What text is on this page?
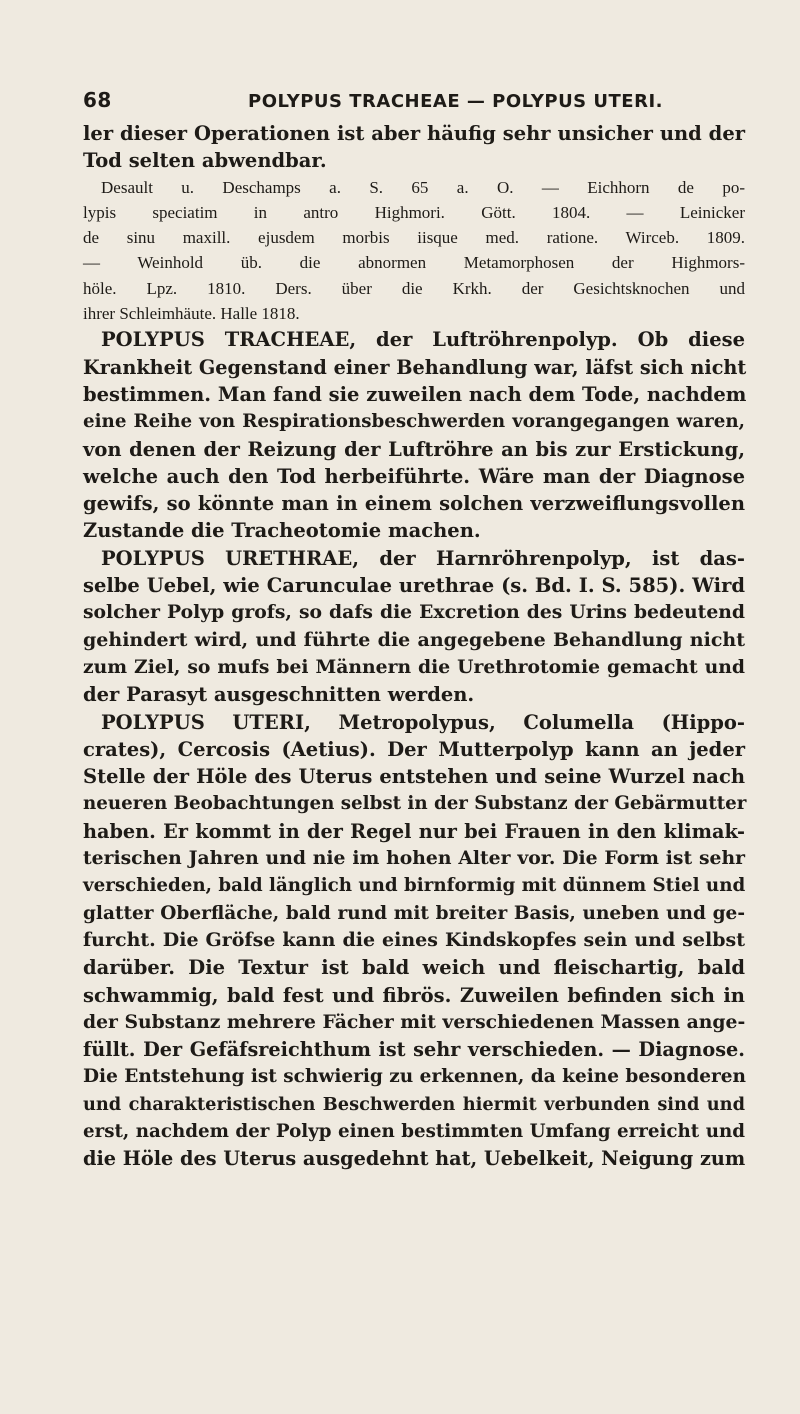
68	POLYPUS TRACHEAE — POLYPUS UTERI.
ler dieser Operationen ist aber häufig sehr unsicher und der
Tod selten abwendbar.
Desault u. Deschamps a. S. 65 a. O. — Eichhorn de po-
lypis speciatim in antro Highmori. Gött. 1804. — Leinicker
de sinu maxill. ejusdem morbis iisque med. ratione. Wirceb. 1809.
— Weinhold üb. die abnormen Metamorphosen der Highmors-
höle. Lpz. 1810. Ders. über die Krkh. der Gesichtsknochen und
ihrer Schleimhäute. Halle 1818.
POLYPUS TRACHEAE, der Luftröhrenpolyp. Ob diese
Krankheit Gegenstand einer Behandlung war, läfst sich nicht
bestimmen. Man fand sie zuweilen nach dem Tode, nachdem
eine Reihe von Respirationsbeschwerden vorangegangen waren,
von denen der Reizung der Luftröhre an bis zur Erstickung,
welche auch den Tod herbeiführte. Wäre man der Diagnose
gewifs, so könnte man in einem solchen verzweiflungsvollen
Zustande die Tracheotomie machen.
POLYPUS URETHRAE, der Harnröhrenpolyp, ist das-
selbe Uebel, wie Carunculae urethrae (s. Bd. I. S. 585). Wird
solcher Polyp grofs, so dafs die Excretion des Urins bedeutend
gehindert wird, und führte die angegebene Behandlung nicht
zum Ziel, so mufs bei Männern die Urethrotomie gemacht und
der Parasyt ausgeschnitten werden.
POLYPUS UTERI, Metropolypus, Columella (Hippo-
crates), Cercosis (Aetius). Der Mutterpolyp kann an jeder
Stelle der Höle des Uterus entstehen und seine Wurzel nach
neueren Beobachtungen selbst in der Substanz der Gebärmutter
haben. Er kommt in der Regel nur bei Frauen in den klimak-
terischen Jahren und nie im hohen Alter vor. Die Form ist sehr
verschieden, bald länglich und birnformig mit dünnem Stiel und
glatter Oberfläche, bald rund mit breiter Basis, uneben und ge-
furcht. Die Gröfse kann die eines Kindskopfes sein und selbst
darüber. Die Textur ist bald weich und fleischartig, bald
schwammig, bald fest und fibrös. Zuweilen befinden sich in
der Substanz mehrere Fächer mit verschiedenen Massen ange-
füllt. Der Gefäfsreichthum ist sehr verschieden. — Diagnose.
Die Entstehung ist schwierig zu erkennen, da keine besonderen
und charakteristischen Beschwerden hiermit verbunden sind und
erst, nachdem der Polyp einen bestimmten Umfang erreicht und
die Höle des Uterus ausgedehnt hat, Uebelkeit, Neigung zum
